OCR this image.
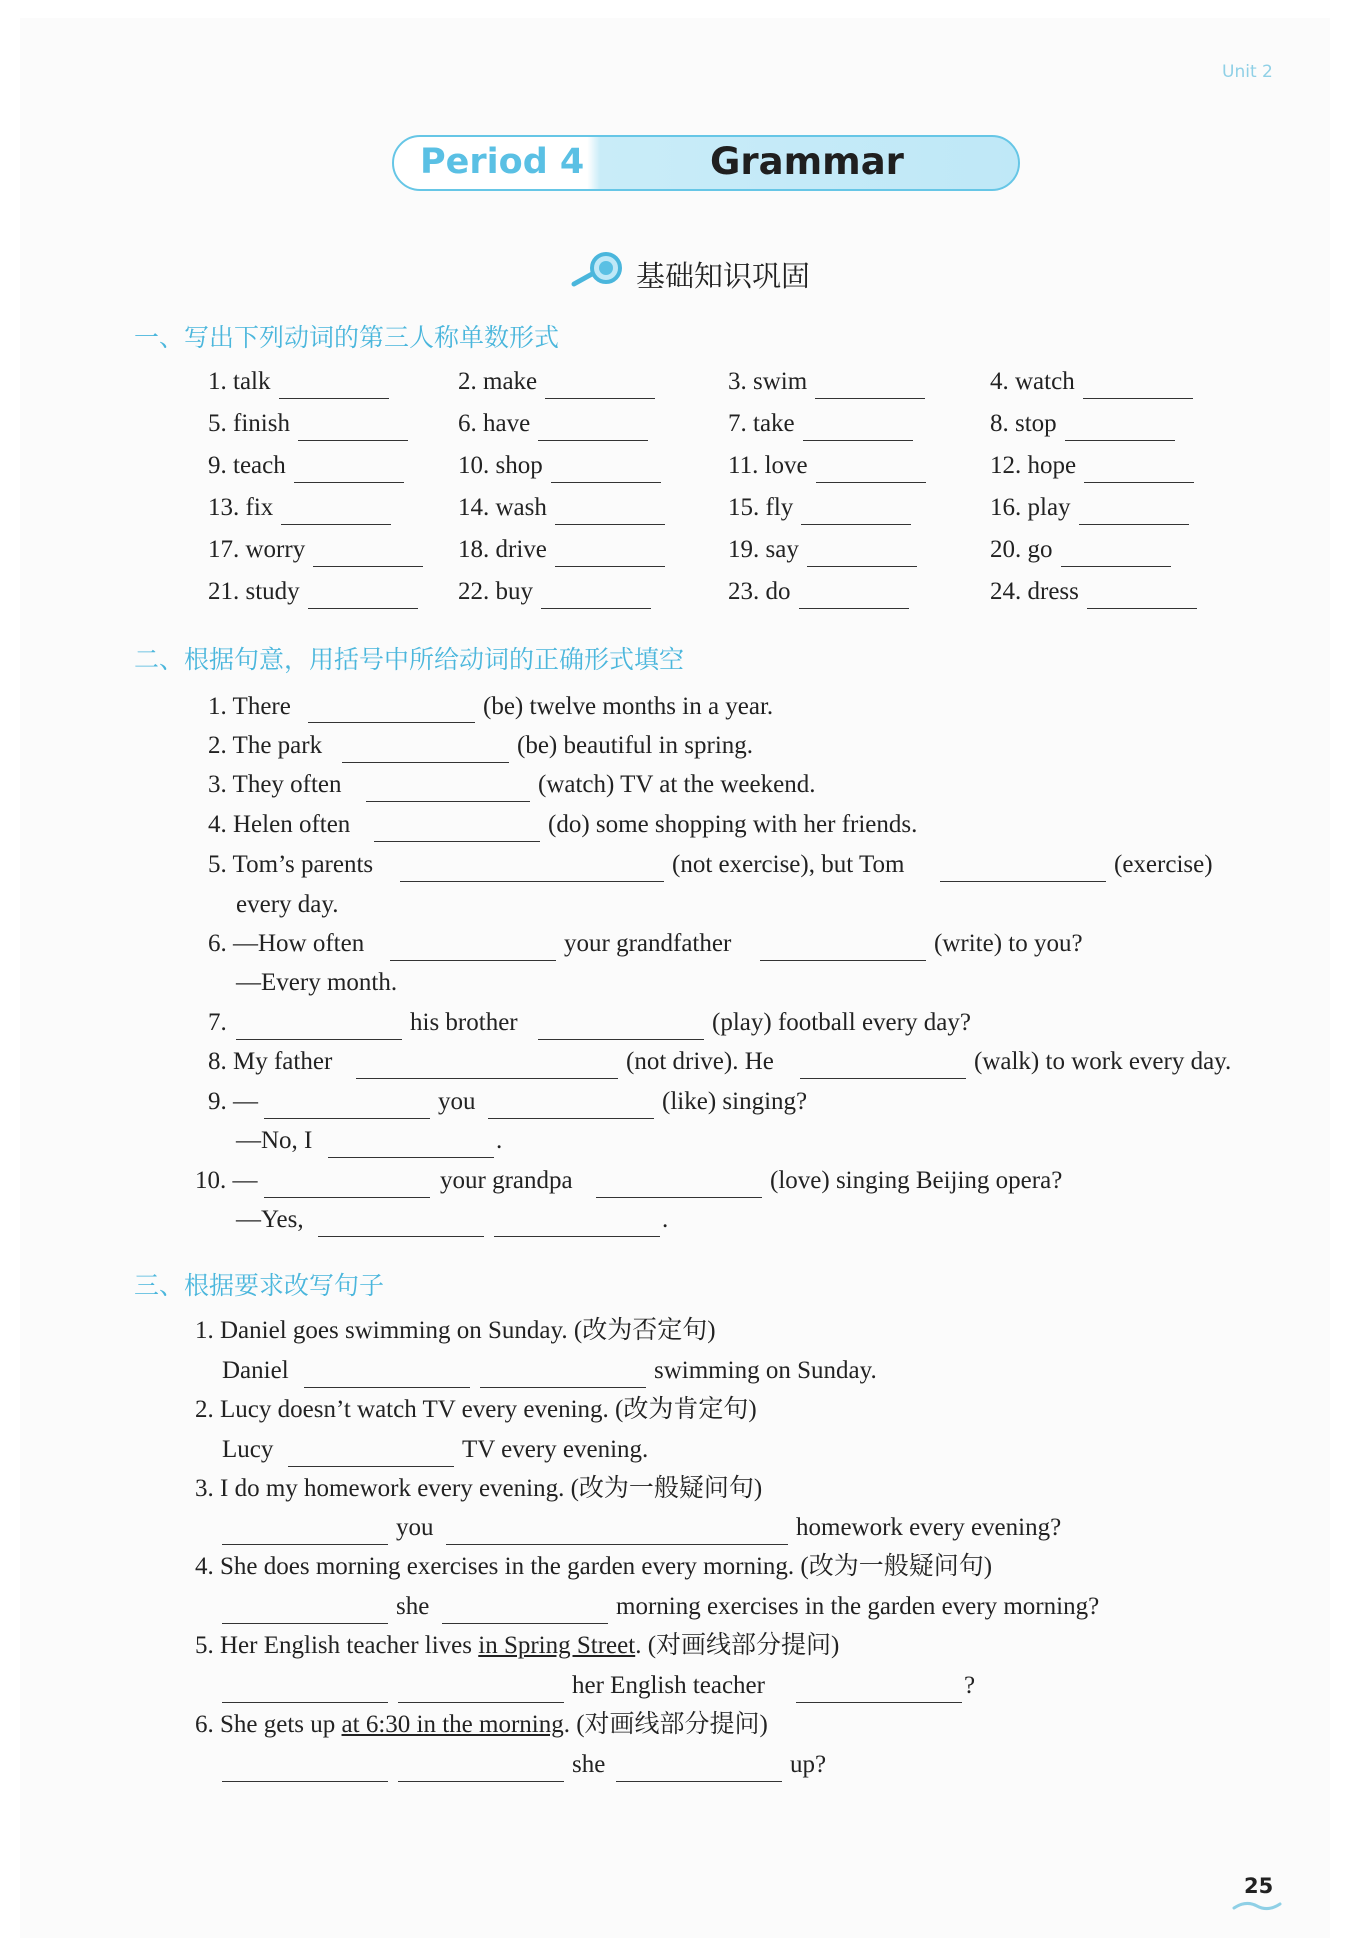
Unit 2
Period 4	Grammar
基础知识巩固
一、写出下列动词的第三人称单数形式
1. talk	2. make	3. swim	4. watch
5. finish	6. have	7. take	8. stop
9. teach	10. shop	11. love	12. hope
13. fix	14. wash	15. fly	16. play
17. worry	18. drive	19. say	20. go
21. study	22. buy	23. do	24. dress
二、根据句意，用括号中所给动词的正确形式填空
1. There	(be) twelve months in a year.
2. The park	(be) beautiful in spring.
3. They often	(watch) TV at the weekend.
4. Helen often	(do) some shopping with her friends.
5. Tom’s parents	(not exercise), but Tom	(exercise)
every day.
6. —How often	your grandfather	(write) to you?
—Every month.
7.	his brother	(play) football every day?
8. My father	(not drive). He	(walk) to work every day.
9. —	you	(like) singing?
—No, I	.
10. —	your grandpa	(love) singing Beijing opera?
—Yes,	.
三、根据要求改写句子
1. Daniel goes swimming on Sunday. (改为否定句)
Daniel	swimming on Sunday.
2. Lucy doesn’t watch TV every evening. (改为肯定句)
Lucy	TV every evening.
3. I do my homework every evening. (改为一般疑问句)
you	homework every evening?
4. She does morning exercises in the garden every morning. (改为一般疑问句)
she	morning exercises in the garden every morning?
5. Her English teacher lives in Spring Street. (对画线部分提问)
her English teacher	?
6. She gets up at 6:30 in the morning. (对画线部分提问)
she	up?
25
